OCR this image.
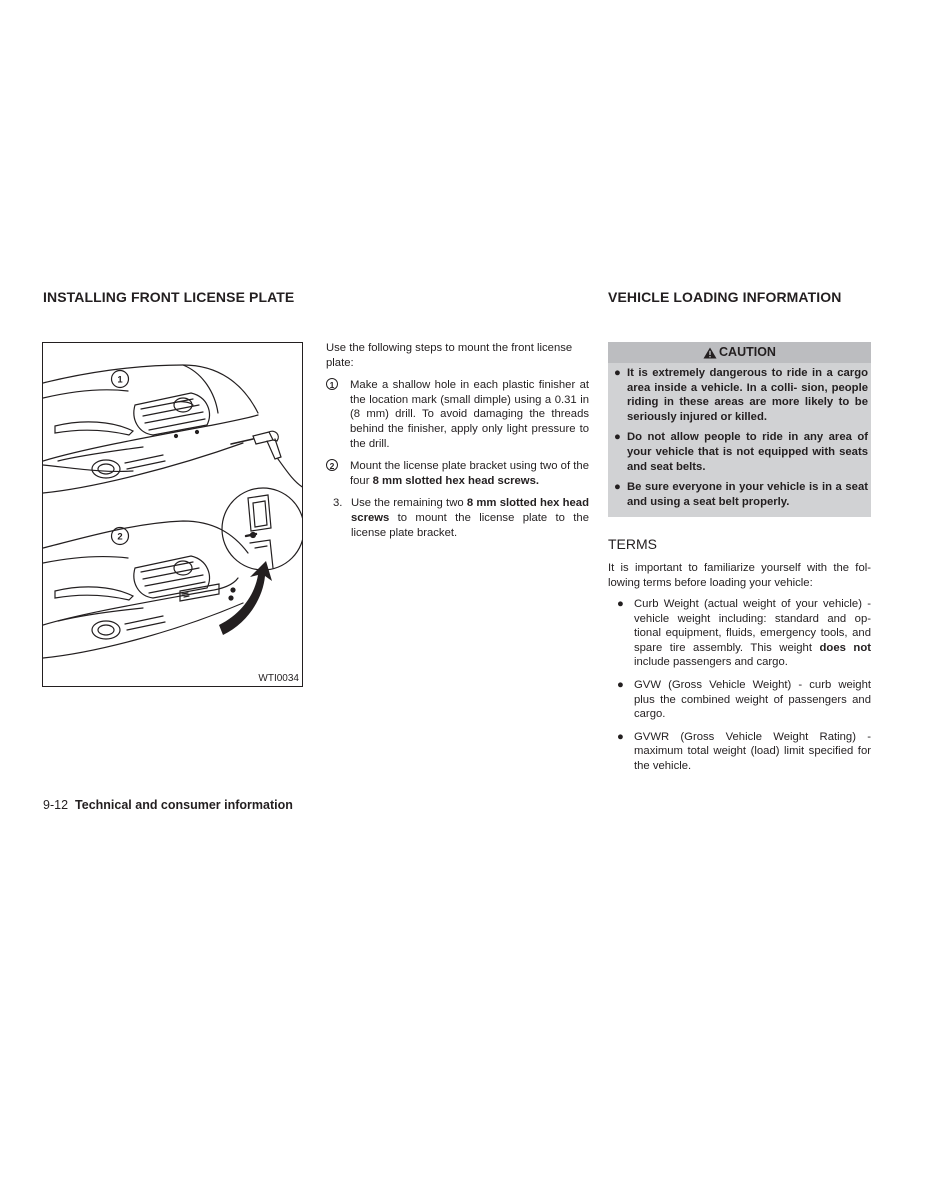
INSTALLING FRONT LICENSE PLATE	VEHICLE LOADING INFORMATION
1
2
WTI0034

Use the following steps to mount the front license plate:

1	Make a shallow hole in each plastic finisher at the location mark (small dimple) using a 0.31 in (8 mm) drill. To avoid damaging the threads behind the finisher, apply only light pressure to the drill.
2	Mount the license plate bracket using two of the four 8 mm slotted hex head screws.
3. Use the remaining two 8 mm slotted hex head screws to mount the license plate to the license plate bracket.
CAUTION
● It is extremely dangerous to ride in a cargo area inside a vehicle. In a colli- sion, people riding in these areas are more likely to be seriously injured or killed.
● Do not allow people to ride in any area of your vehicle that is not equipped with seats and seat belts.
● Be sure everyone in your vehicle is in a seat and using a seat belt properly.
TERMS

It is important to familiarize yourself with the fol- lowing terms before loading your vehicle:

● Curb Weight (actual weight of your vehicle) - vehicle weight including: standard and op- tional equipment, fluids, emergency tools, and spare tire assembly. This weight does not include passengers and cargo.
● GVW (Gross Vehicle Weight) - curb weight plus the combined weight of passengers and cargo.
● GVWR (Gross Vehicle Weight Rating) - maximum total weight (load) limit specified for the vehicle.
9-12 Technical and consumer information
